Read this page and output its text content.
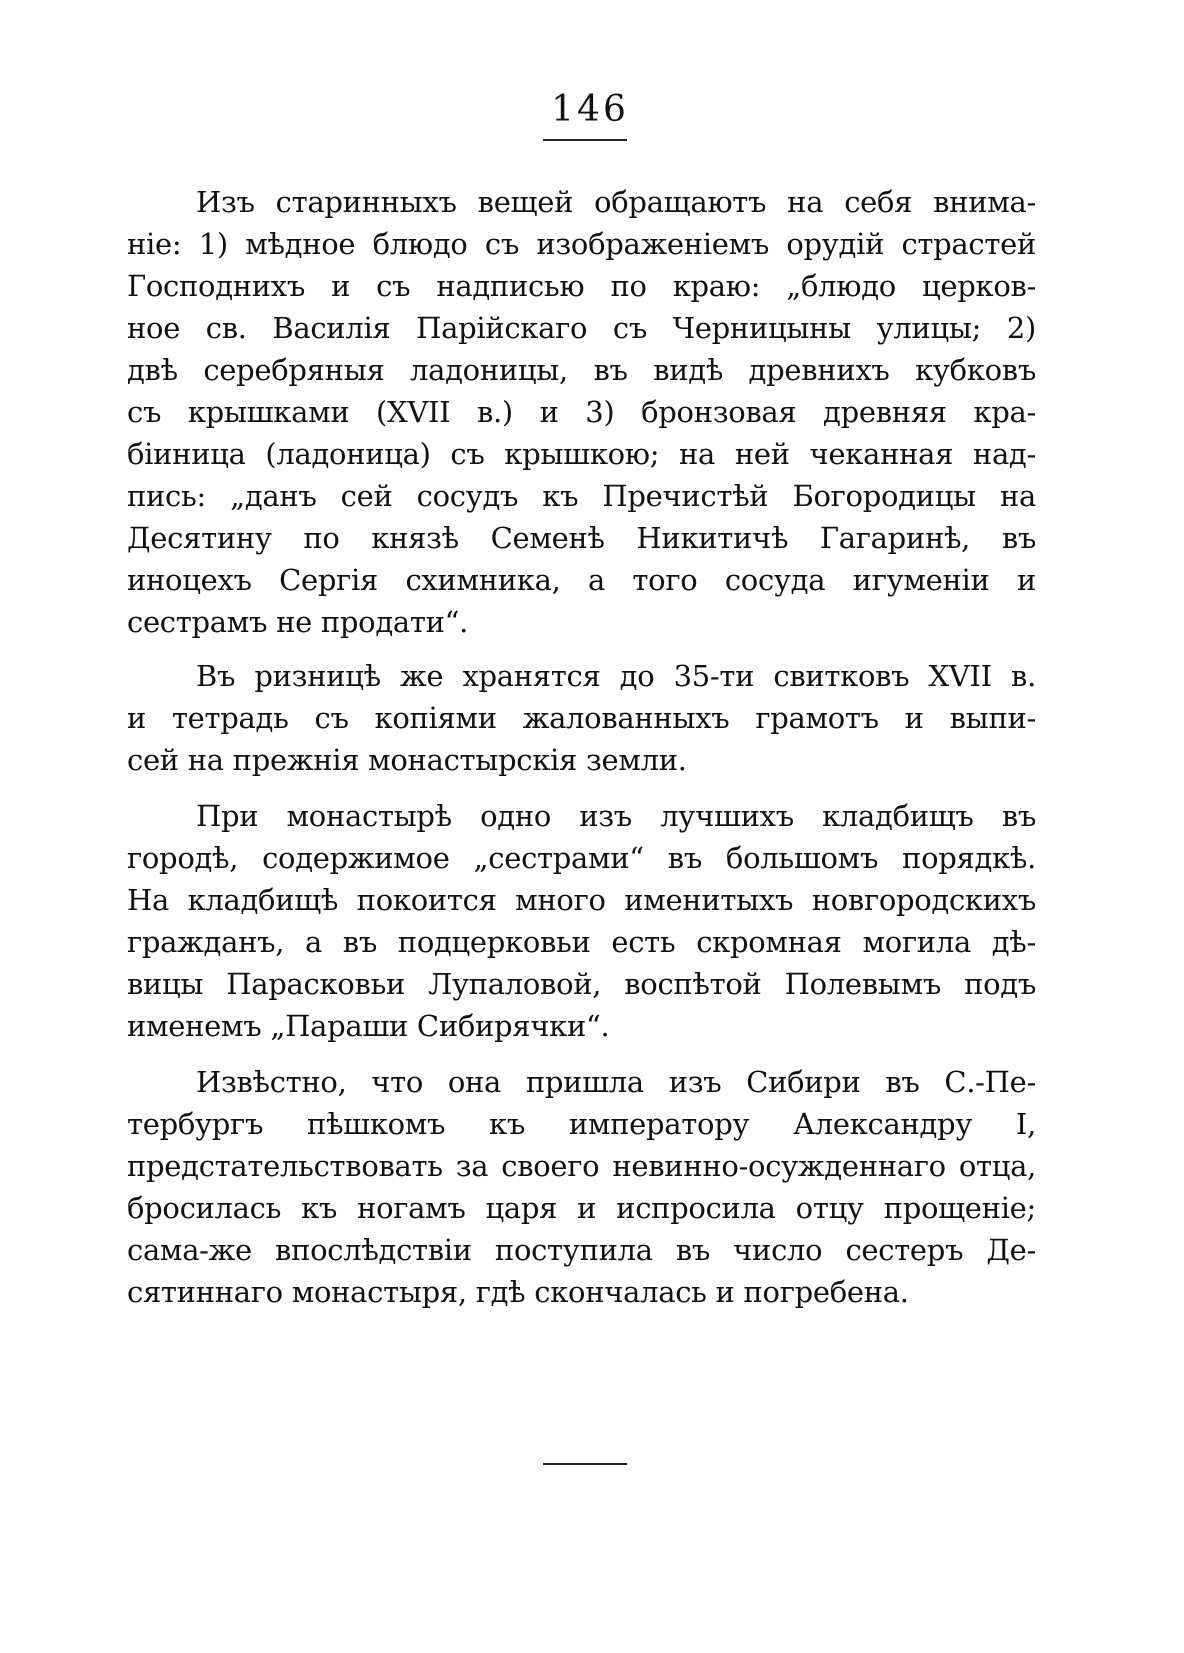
146
Изъ старинныхъ вещей обращаютъ на себя внима-
ніе: 1) мѣдное блюдо съ изображеніемъ орудій страстей
Господнихъ и съ надписью по краю: „блюдо церков-
ное св. Василія Парійскаго съ Черницыны улицы; 2)
двѣ серебряныя ладоницы, въ видѣ древнихъ кубковъ
съ крышками (XVII в.) и 3) бронзовая древняя кра-
біиница (ладоница) съ крышкою; на ней чеканная над-
пись: „данъ сей сосудъ къ Пречистѣй Богородицы на
Десятину по князѣ Семенѣ Никитичѣ Гагаринѣ, въ
иноцехъ Сергія схимника, а того сосуда игуменіи и
сестрамъ не продати“.
Въ ризницѣ же хранятся до 35-ти свитковъ XVII в.
и тетрадь съ копіями жалованныхъ грамотъ и выпи-
сей на прежнія монастырскія земли.
При монастырѣ одно изъ лучшихъ кладбищъ въ
городѣ, содержимое „сестрами“ въ большомъ порядкѣ.
На кладбищѣ покоится много именитыхъ новгородскихъ
гражданъ, а въ подцерковьи есть скромная могила дѣ-
вицы Парасковьи Лупаловой, воспѣтой Полевымъ подъ
именемъ „Параши Сибирячки“.
Извѣстно, что она пришла изъ Сибири въ С.-Пе-
тербургъ пѣшкомъ къ императору Александру I,
предстательствовать за своего невинно-осужденнаго отца,
бросилась къ ногамъ царя и испросила отцу прощеніе;
сама-же впослѣдствіи поступила въ число сестеръ Де-
сятиннаго монастыря, гдѣ скончалась и погребена.
